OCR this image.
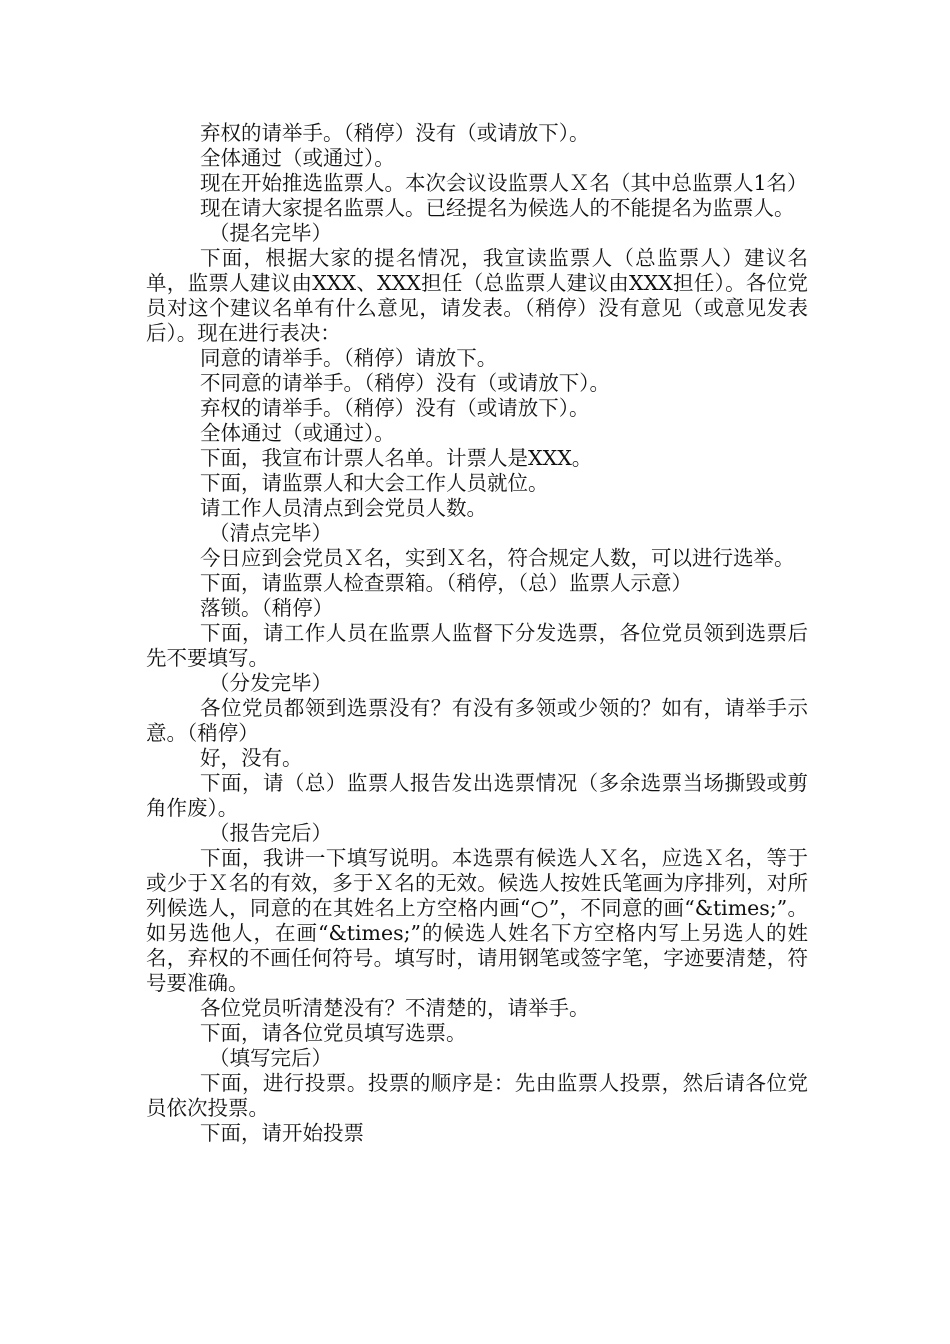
弃权的请举手。（稍停）没有（或请放下）。

全体通过（或通过）。

现在开始推选监票人。本次会议设监票人Ｘ名（其中总监票人1名）

现在请大家提名监票人。已经提名为候选人的不能提名为监票人。

（提名完毕）

下面，根据大家的提名情况，我宣读监票人（总监票人）建议名单，监票人建议由XXX、XXX担任（总监票人建议由XXX担任）。各位党员对这个建议名单有什么意见，请发表。（稍停）没有意见（或意见发表后）。现在进行表决：

同意的请举手。（稍停）请放下。

不同意的请举手。（稍停）没有（或请放下）。

弃权的请举手。（稍停）没有（或请放下）。

全体通过（或通过）。

下面，我宣布计票人名单。计票人是XXX。

下面，请监票人和大会工作人员就位。

请工作人员清点到会党员人数。

（清点完毕）

今日应到会党员Ｘ名，实到Ｘ名，符合规定人数，可以进行选举。

下面，请监票人检查票箱。（稍停，（总）监票人示意）

落锁。（稍停）

下面，请工作人员在监票人监督下分发选票，各位党员领到选票后先不要填写。

（分发完毕）

各位党员都领到选票没有？有没有多领或少领的？如有，请举手示意。（稍停）

好，没有。

下面，请（总）监票人报告发出选票情况（多余选票当场撕毁或剪角作废）。

（报告完后）

下面，我讲一下填写说明。本选票有候选人Ｘ名，应选Ｘ名，等于或少于Ｘ名的有效，多于Ｘ名的无效。候选人按姓氏笔画为序排列，对所列候选人，同意的在其姓名上方空格内画“○”，不同意的画“&times;”。如另选他人，在画“&times;”的候选人姓名下方空格内写上另选人的姓名，弃权的不画任何符号。填写时，请用钢笔或签字笔，字迹要清楚，符号要准确。

各位党员听清楚没有？不清楚的，请举手。

下面，请各位党员填写选票。

（填写完后）

下面，进行投票。投票的顺序是：先由监票人投票，然后请各位党员依次投票。

下面，请开始投票
